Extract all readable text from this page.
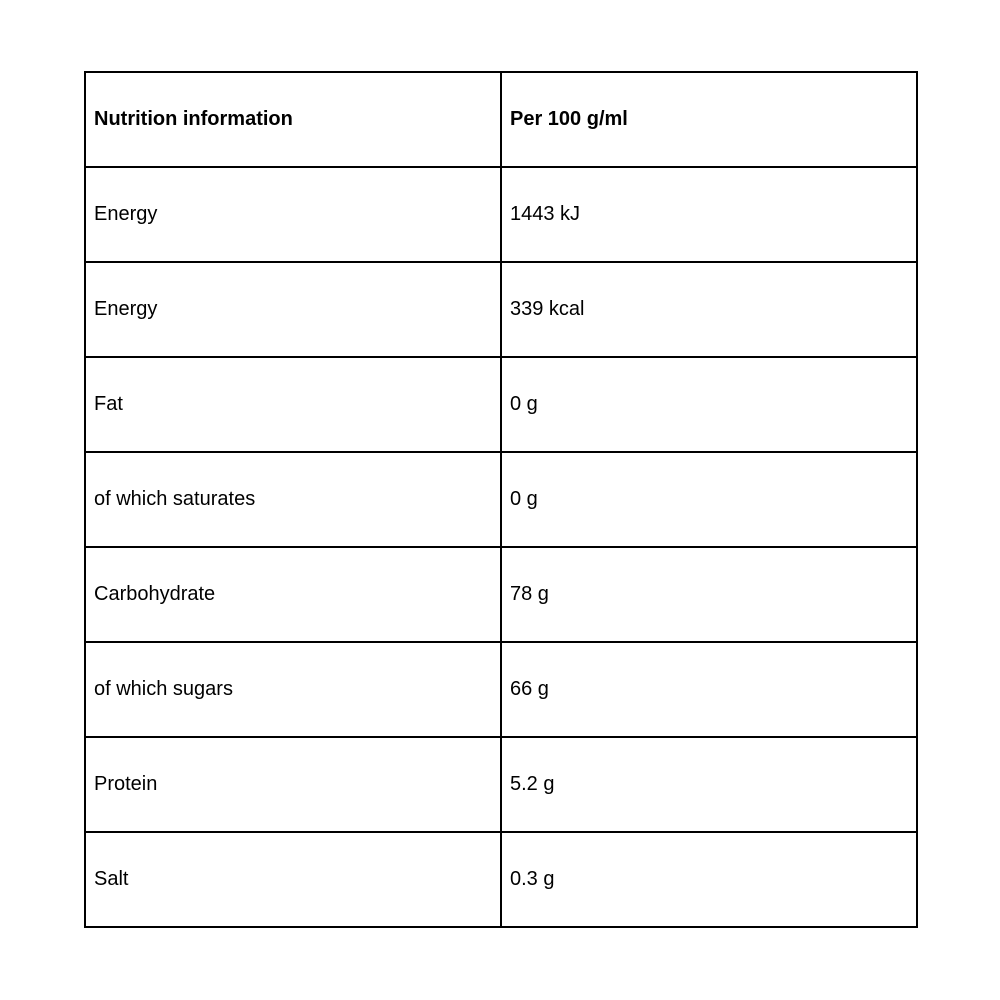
Nutrition information	Per 100 g/ml
Energy	1443 kJ
Energy	339 kcal
Fat	0 g
of which saturates	0 g
Carbohydrate	78 g
of which sugars	66 g
Protein	5.2 g
Salt	0.3 g
